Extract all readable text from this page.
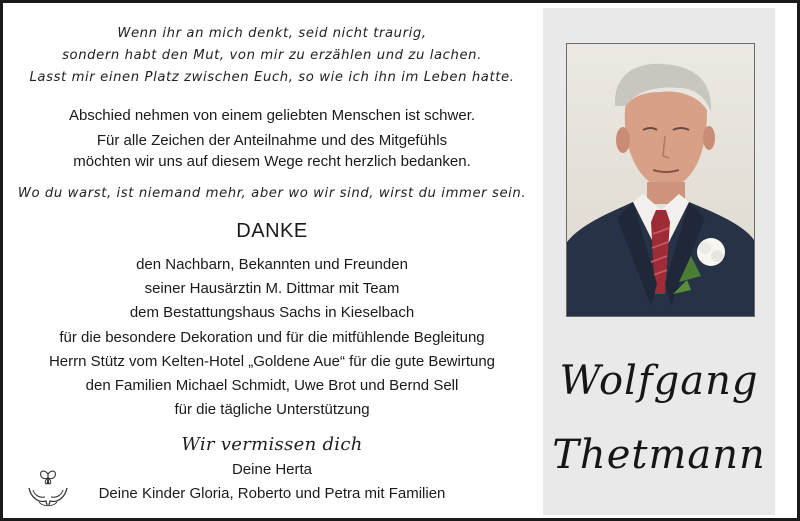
Wenn ihr an mich denkt, seid nicht traurig,
sondern habt den Mut, von mir zu erzählen und zu lachen.
Lasst mir einen Platz zwischen Euch, so wie ich ihn im Leben hatte.
Abschied nehmen von einem geliebten Menschen ist schwer.
Für alle Zeichen der Anteilnahme und des Mitgefühls
möchten wir uns auf diesem Wege recht herzlich bedanken.
Wo du warst, ist niemand mehr, aber wo wir sind, wirst du immer sein.
DANKE
den Nachbarn, Bekannten und Freunden
seiner Hausärztin M. Dittmar mit Team
dem Bestattungshaus Sachs in Kieselbach
für die besondere Dekoration und für die mitfühlende Begleitung
Herrn Stütz vom Kelten-Hotel „Goldene Aue“ für die gute Bewirtung
den Familien Michael Schmidt, Uwe Brot und Bernd Sell
für die tägliche Unterstützung
Wir vermissen dich
Deine Herta
Deine Kinder Gloria, Roberto und Petra mit Familien
Wolfgang
Thetmann
